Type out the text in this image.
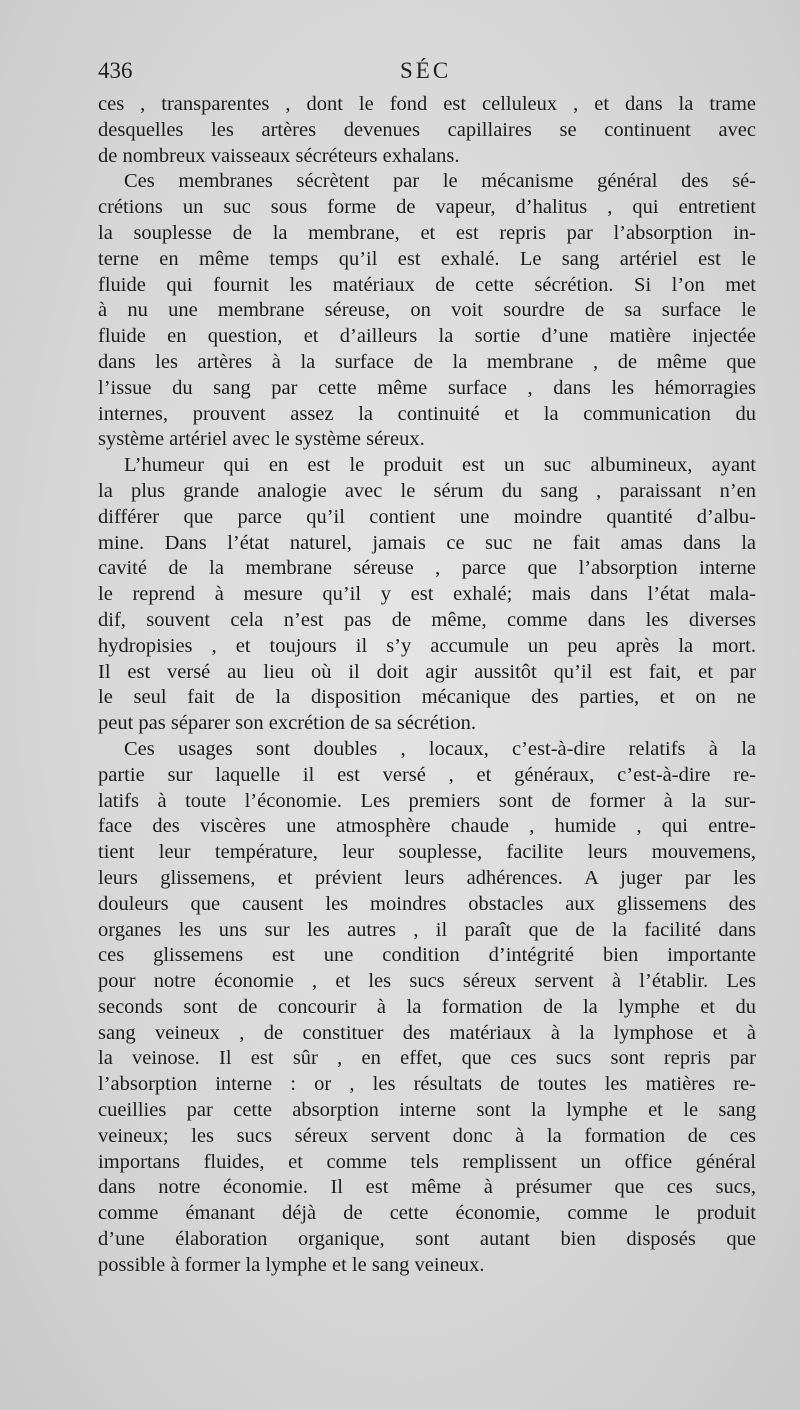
436	SÉC
ces , transparentes , dont le fond est celluleux , et dans la trame
desquelles les artères devenues capillaires se continuent avec
de nombreux vaisseaux sécréteurs exhalans.
Ces membranes sécrètent par le mécanisme général des sé-
crétions un suc sous forme de vapeur, d’halitus , qui entretient
la souplesse de la membrane, et est repris par l’absorption in-
terne en même temps qu’il est exhalé. Le sang artériel est le
fluide qui fournit les matériaux de cette sécrétion. Si l’on met
à nu une membrane séreuse, on voit sourdre de sa surface le
fluide en question, et d’ailleurs la sortie d’une matière injectée
dans les artères à la surface de la membrane , de même que
l’issue du sang par cette même surface , dans les hémorragies
internes, prouvent assez la continuité et la communication du
système artériel avec le système séreux.
L’humeur qui en est le produit est un suc albumineux, ayant
la plus grande analogie avec le sérum du sang , paraissant n’en
différer que parce qu’il contient une moindre quantité d’albu-
mine. Dans l’état naturel, jamais ce suc ne fait amas dans la
cavité de la membrane séreuse , parce que l’absorption interne
le reprend à mesure qu’il y est exhalé; mais dans l’état mala-
dif, souvent cela n’est pas de même, comme dans les diverses
hydropisies , et toujours il s’y accumule un peu après la mort.
Il est versé au lieu où il doit agir aussitôt qu’il est fait, et par
le seul fait de la disposition mécanique des parties, et on ne
peut pas séparer son excrétion de sa sécrétion.
Ces usages sont doubles , locaux, c’est-à-dire relatifs à la
partie sur laquelle il est versé , et généraux, c’est-à-dire re-
latifs à toute l’économie. Les premiers sont de former à la sur-
face des viscères une atmosphère chaude , humide , qui entre-
tient leur température, leur souplesse, facilite leurs mouvemens,
leurs glissemens, et prévient leurs adhérences. A juger par les
douleurs que causent les moindres obstacles aux glissemens des
organes les uns sur les autres , il paraît que de la facilité dans
ces glissemens est une condition d’intégrité bien importante
pour notre économie , et les sucs séreux servent à l’établir. Les
seconds sont de concourir à la formation de la lymphe et du
sang veineux , de constituer des matériaux à la lymphose et à
la veinose. Il est sûr , en effet, que ces sucs sont repris par
l’absorption interne : or , les résultats de toutes les matières re-
cueillies par cette absorption interne sont la lymphe et le sang
veineux; les sucs séreux servent donc à la formation de ces
importans fluides, et comme tels remplissent un office général
dans notre économie. Il est même à présumer que ces sucs,
comme émanant déjà de cette économie, comme le produit
d’une élaboration organique, sont autant bien disposés que
possible à former la lymphe et le sang veineux.
